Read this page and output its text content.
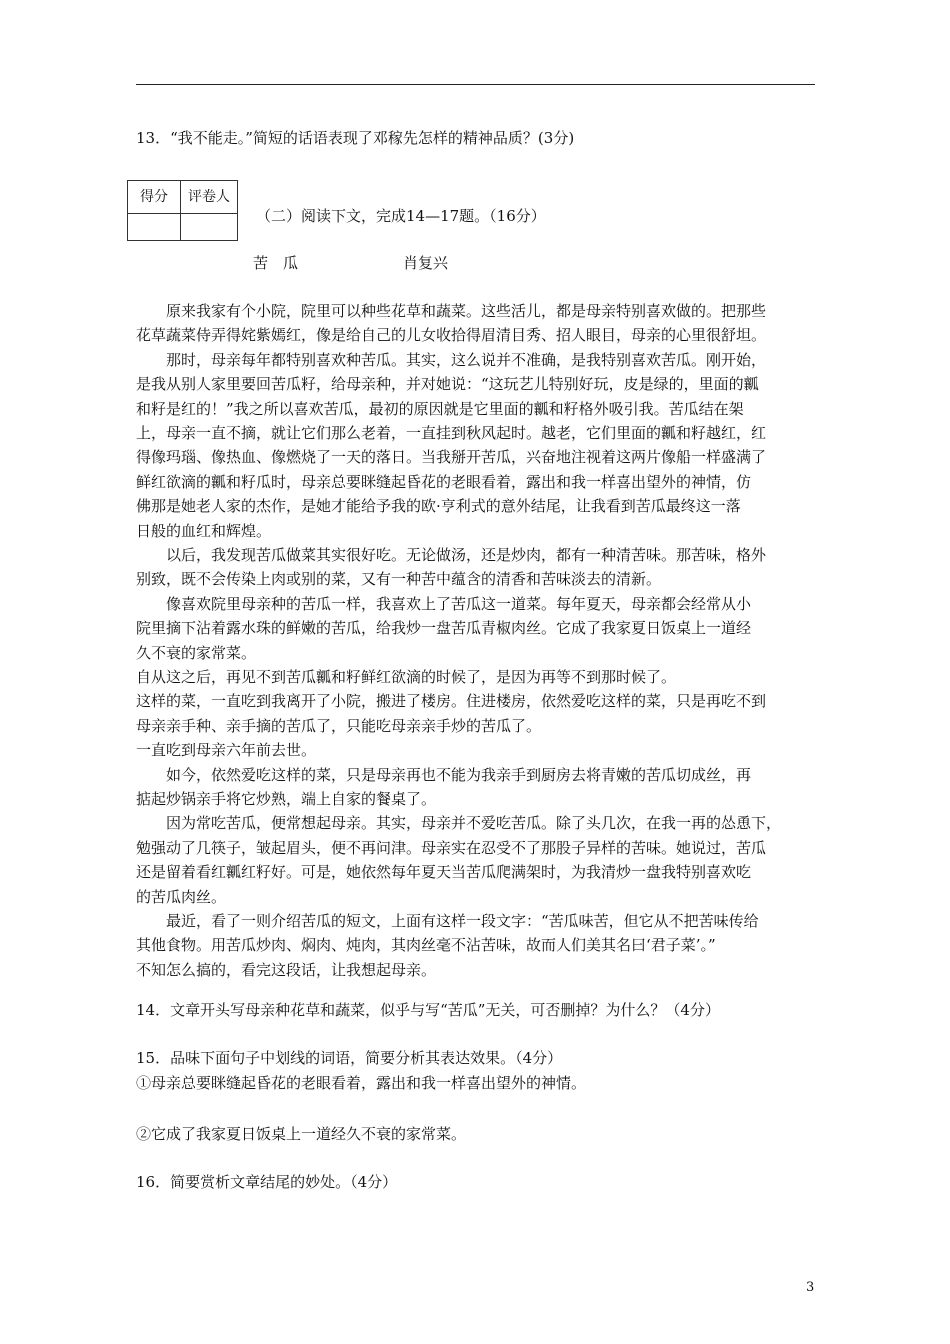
13．“我不能走。”简短的话语表现了邓稼先怎样的精神品质？(3分)
得分	评卷人

（二）阅读下文，完成14—17题。（16分）
苦　瓜	肖复兴
原来我家有个小院，院里可以种些花草和蔬菜。这些活儿，都是母亲特别喜欢做的。把那些
花草蔬菜侍弄得姹紫嫣红，像是给自己的儿女收拾得眉清目秀、招人眼目，母亲的心里很舒坦。
那时，母亲每年都特别喜欢种苦瓜。其实，这么说并不准确，是我特别喜欢苦瓜。刚开始，
是我从别人家里要回苦瓜籽，给母亲种，并对她说：“这玩艺儿特别好玩，皮是绿的，里面的瓤
和籽是红的！”我之所以喜欢苦瓜，最初的原因就是它里面的瓤和籽格外吸引我。苦瓜结在架
上，母亲一直不摘，就让它们那么老着，一直挂到秋风起时。越老，它们里面的瓤和籽越红，红
得像玛瑙、像热血、像燃烧了一天的落日。当我掰开苦瓜，兴奋地注视着这两片像船一样盛满了
鲜红欲滴的瓤和籽瓜时，母亲总要眯缝起昏花的老眼看着，露出和我一样喜出望外的神情，仿
佛那是她老人家的杰作，是她才能给予我的欧·亨利式的意外结尾，让我看到苦瓜最终这一落
日般的血红和辉煌。
以后，我发现苦瓜做菜其实很好吃。无论做汤，还是炒肉，都有一种清苦味。那苦味，格外
别致，既不会传染上肉或别的菜，又有一种苦中蕴含的清香和苦味淡去的清新。
像喜欢院里母亲种的苦瓜一样，我喜欢上了苦瓜这一道菜。每年夏天，母亲都会经常从小
院里摘下沾着露水珠的鲜嫩的苦瓜，给我炒一盘苦瓜青椒肉丝。它成了我家夏日饭桌上一道经
久不衰的家常菜。
自从这之后，再见不到苦瓜瓤和籽鲜红欲滴的时候了，是因为再等不到那时候了。
这样的菜，一直吃到我离开了小院，搬进了楼房。住进楼房，依然爱吃这样的菜，只是再吃不到
母亲亲手种、亲手摘的苦瓜了，只能吃母亲亲手炒的苦瓜了。
一直吃到母亲六年前去世。
如今，依然爱吃这样的菜，只是母亲再也不能为我亲手到厨房去将青嫩的苦瓜切成丝，再
掂起炒锅亲手将它炒熟，端上自家的餐桌了。
因为常吃苦瓜，便常想起母亲。其实，母亲并不爱吃苦瓜。除了头几次，在我一再的怂恿下，
勉强动了几筷子，皱起眉头，便不再问津。母亲实在忍受不了那股子异样的苦味。她说过，苦瓜
还是留着看红瓤红籽好。可是，她依然每年夏天当苦瓜爬满架时，为我清炒一盘我特别喜欢吃
的苦瓜肉丝。
最近，看了一则介绍苦瓜的短文，上面有这样一段文字：“苦瓜味苦，但它从不把苦味传给
其他食物。用苦瓜炒肉、焖肉、炖肉，其肉丝毫不沾苦味，故而人们美其名曰‘君子菜’。”
不知怎么搞的，看完这段话，让我想起母亲。
14．文章开头写母亲种花草和蔬菜，似乎与写“苦瓜”无关，可否删掉？为什么？（4分）
15．品味下面句子中划线的词语，简要分析其表达效果。（4分）
①母亲总要眯缝起昏花的老眼看着，露出和我一样喜出望外的神情。
②它成了我家夏日饭桌上一道经久不衰的家常菜。
16．简要赏析文章结尾的妙处。（4分）
3
